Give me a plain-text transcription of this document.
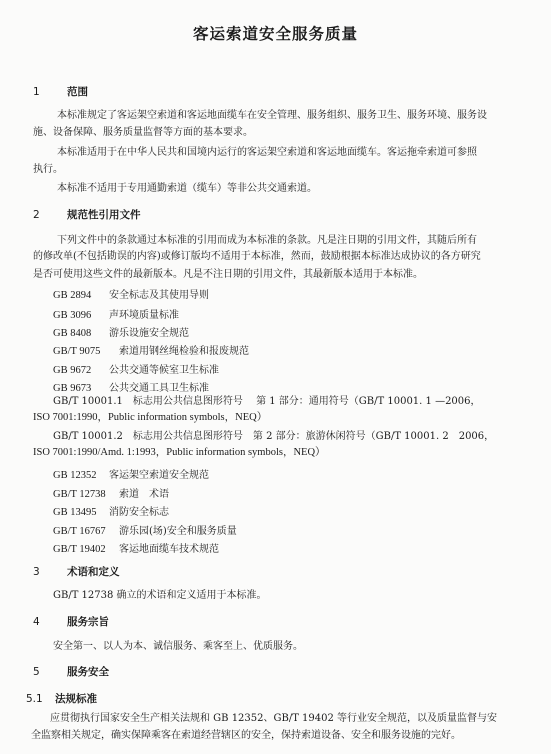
客运索道安全服务质量
1	范围
本标准规定了客运架空索道和客运地面缆车在安全管理、服务组织、服务卫生、服务环境、服务设
施、设备保障、服务质量监督等方面的基本要求。
本标准适用于在中华人民共和国境内运行的客运架空索道和客运地面缆车。客运拖牵索道可参照
执行。
本标准不适用于专用通勤索道（缆车）等非公共交通索道。
2	规范性引用文件
下列文件中的条款通过本标准的引用而成为本标准的条款。凡是注日期的引用文件，其随后所有
的修改单(不包括勘误的内容)或修订版均不适用于本标准，然而，鼓励根据本标准达成协议的各方研究
是否可使用这些文件的最新版本。凡是不注日期的引用文件，其最新版本适用于本标准。
GB 2894 安全标志及其使用导则
GB 3096 声环境质量标准
GB 8408 游乐设施安全规范
GB/T 9075 索道用钢丝绳检验和报废规范
GB 9672 公共交通等候室卫生标准
GB 9673 公共交通工具卫生标准
GB/T 10001.1　标志用公共信息图形符号　 第 1 部分：通用符号（GB/T 10001. 1 —2006，
ISO 7001:1990，Public information symbols，NEQ）
GB/T 10001.2　标志用公共信息图形符号　第 2 部分：旅游休闲符号（GB/T 10001. 2　2006，
ISO 7001:1990/Amd. 1:1993，Public information symbols，NEQ）
GB 12352 客运架空索道安全规范
GB/T 12738 索道　术语
GB 13495 消防安全标志
GB/T 16767 游乐园(场)安全和服务质量
GB/T 19402 客运地面缆车技术规范
3	术语和定义
GB/T 12738 确立的术语和定义适用于本标准。
4	服务宗旨
安全第一、以人为本、诚信服务、乘客至上、优质服务。
5	服务安全
5.1 法规标准
应贯彻执行国家安全生产相关法规和 GB 12352、GB/T 19402 等行业安全规范，以及质量监督与安
全监察相关规定，确实保障乘客在索道经营辖区的安全，保持索道设备、安全和服务设施的完好。
